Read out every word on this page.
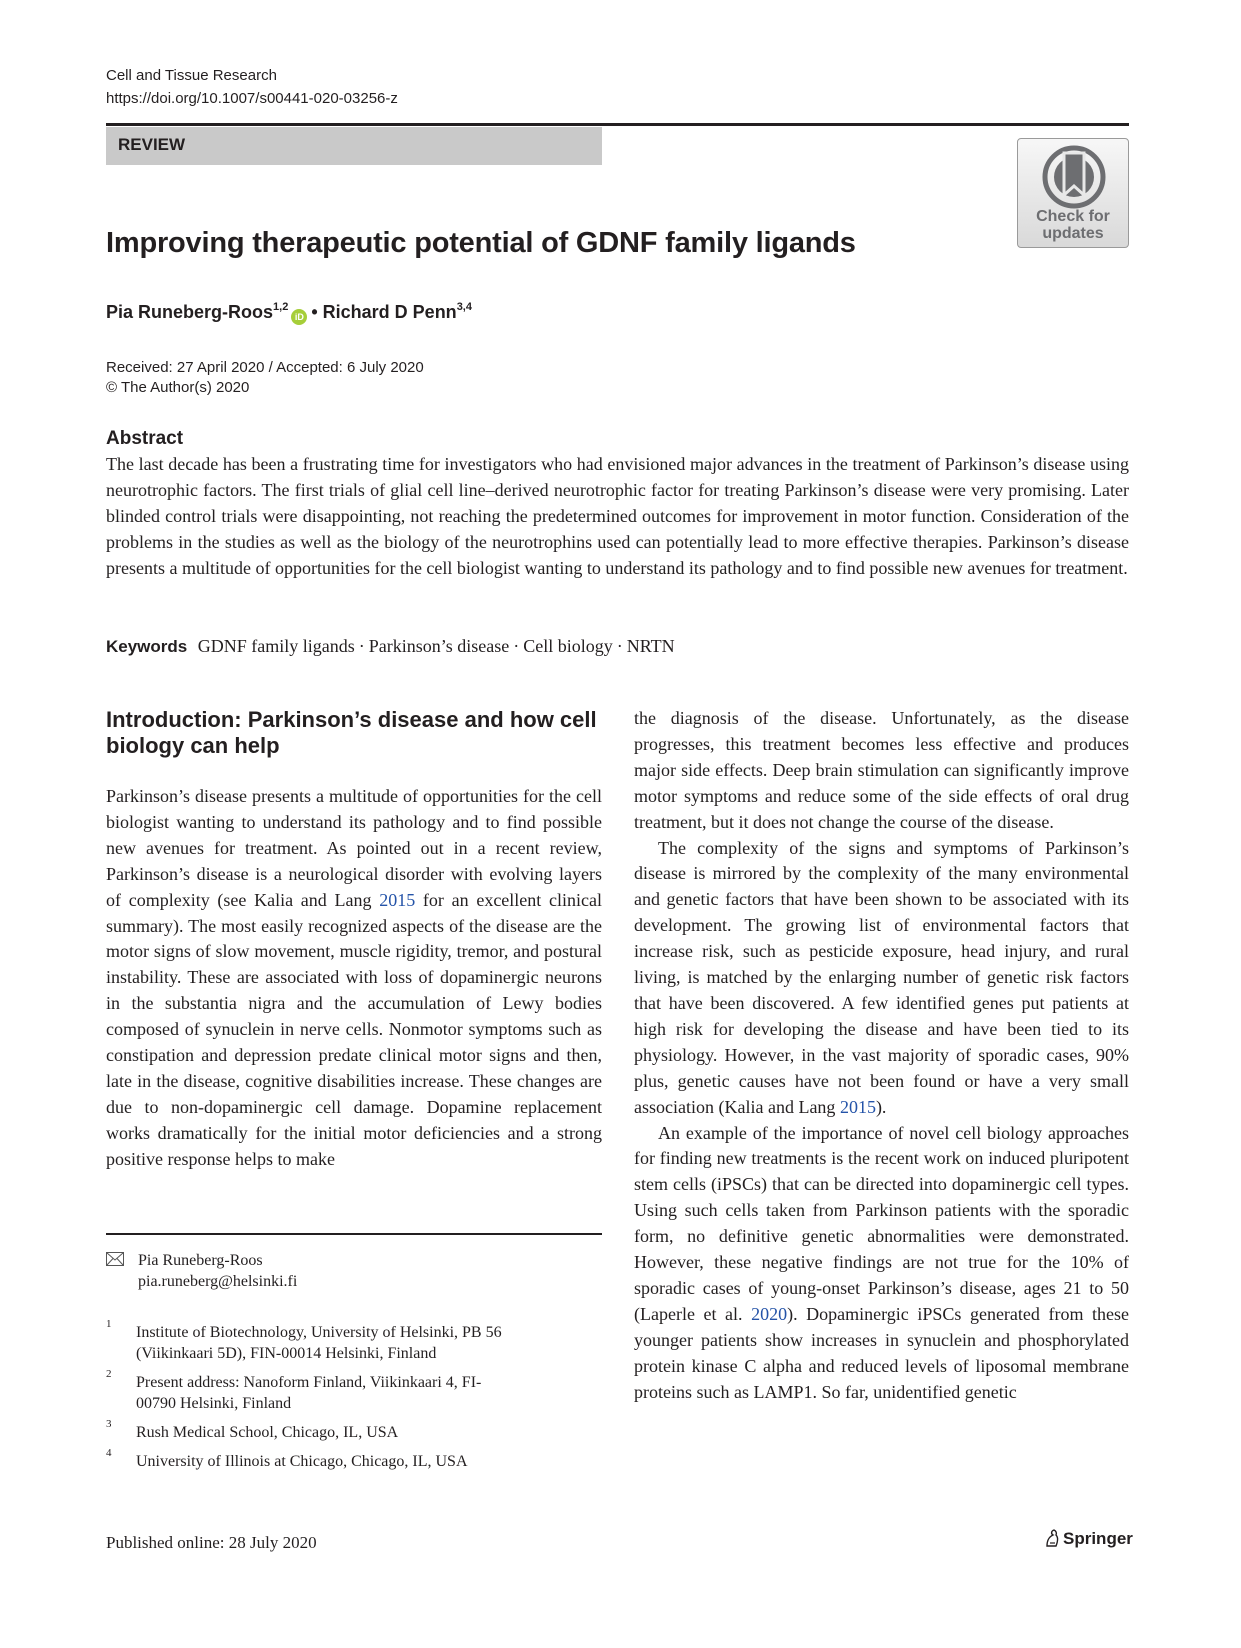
Cell and Tissue Research
https://doi.org/10.1007/s00441-020-03256-z
REVIEW
Check for updates
Improving therapeutic potential of GDNF family ligands
Pia Runeberg-Roos$^{1,2}$iD • Richard D Penn$^{3,4}$
Received: 27 April 2020 / Accepted: 6 July 2020
© The Author(s) 2020
Abstract
The last decade has been a frustrating time for investigators who had envisioned major advances in the treatment of Parkinson’s disease using neurotrophic factors. The first trials of glial cell line–derived neurotrophic factor for treating Parkinson’s disease were very promising. Later blinded control trials were disappointing, not reaching the predetermined outcomes for improvement in motor function. Consideration of the problems in the studies as well as the biology of the neurotrophins used can potentially lead to more effective therapies. Parkinson’s disease presents a multitude of opportunities for the cell biologist wanting to understand its pathology and to find possible new avenues for treatment.
Keywords GDNF family ligands · Parkinson’s disease · Cell biology · NRTN
Introduction: Parkinson’s disease and how cell biology can help

Parkinson’s disease presents a multitude of opportunities for the cell biologist wanting to understand its pathology and to find possible new avenues for treatment. As pointed out in a recent review, Parkinson’s disease is a neurological disorder with evolving layers of complexity (see Kalia and Lang 2015 for an excellent clinical summary). The most easily recognized aspects of the disease are the motor signs of slow movement, muscle rigidity, tremor, and postural instability. These are associated with loss of dopaminergic neurons in the substantia nigra and the accumulation of Lewy bodies composed of synuclein in nerve cells. Nonmotor symptoms such as constipation and depression predate clinical motor signs and then, late in the disease, cognitive disabilities increase. These changes are due to non-dopaminergic cell damage. Dopamine replacement works dramatically for the initial motor deficiencies and a strong positive response helps to make

the diagnosis of the disease. Unfortunately, as the disease progresses, this treatment becomes less effective and produces major side effects. Deep brain stimulation can significantly improve motor symptoms and reduce some of the side effects of oral drug treatment, but it does not change the course of the disease.

The complexity of the signs and symptoms of Parkinson’s disease is mirrored by the complexity of the many environmental and genetic factors that have been shown to be associated with its development. The growing list of environmental factors that increase risk, such as pesticide exposure, head injury, and rural living, is matched by the enlarging number of genetic risk factors that have been discovered. A few identified genes put patients at high risk for developing the disease and have been tied to its physiology. However, in the vast majority of sporadic cases, 90% plus, genetic causes have not been found or have a very small association (Kalia and Lang 2015).

An example of the importance of novel cell biology approaches for finding new treatments is the recent work on induced pluripotent stem cells (iPSCs) that can be directed into dopaminergic cell types. Using such cells taken from Parkinson patients with the sporadic form, no definitive genetic abnormalities were demonstrated. However, these negative findings are not true for the 10% of sporadic cases of young-onset Parkinson’s disease, ages 21 to 50 (Laperle et al. 2020). Dopaminergic iPSCs generated from these younger patients show increases in synuclein and phosphorylated protein kinase C alpha and reduced levels of liposomal membrane proteins such as LAMP1. So far, unidentified genetic

Pia Runeberg-Roos
pia.runeberg@helsinki.fi
1 Institute of Biotechnology, University of Helsinki, PB 56 (Viikinkaari 5D), FIN-00014 Helsinki, Finland
2 Present address: Nanoform Finland, Viikinkaari 4, FI-00790 Helsinki, Finland
3 Rush Medical School, Chicago, IL, USA
4 University of Illinois at Chicago, Chicago, IL, USA
Published online: 28 July 2020	Springer
